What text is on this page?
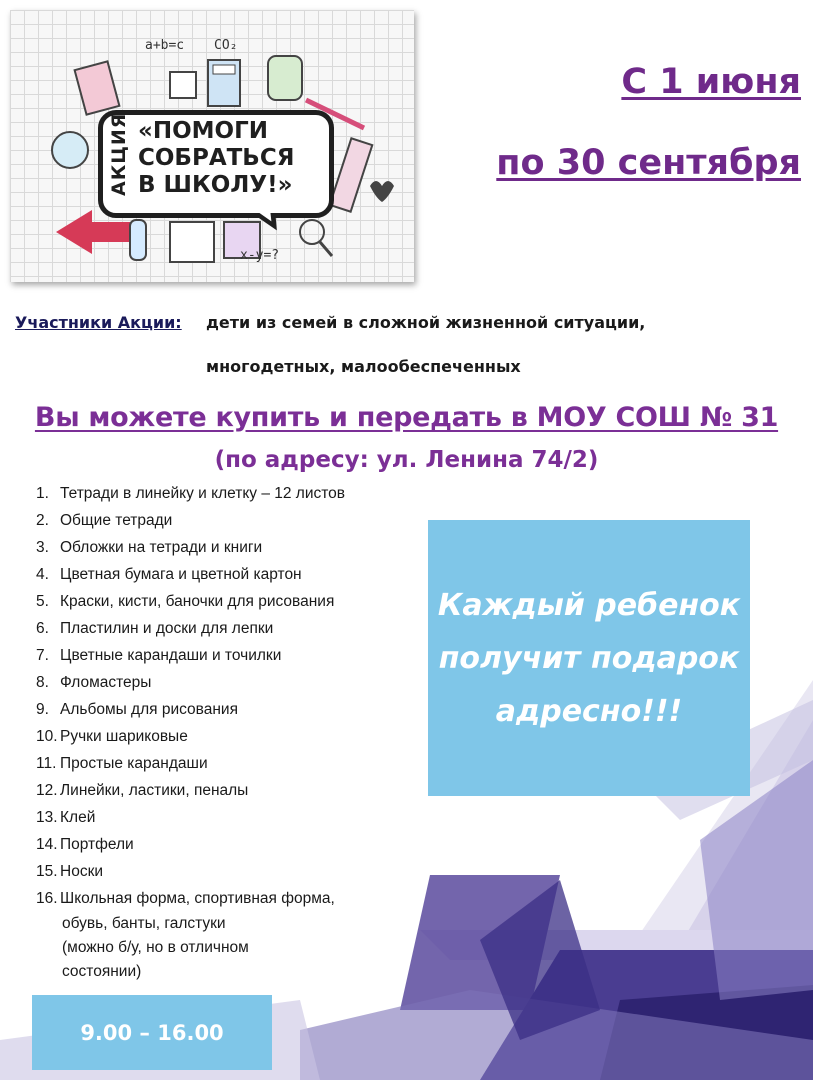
a+b=c CO₂
x-y=?
АКЦИЯ «ПОМОГИ
СОБРАТЬСЯ
В ШКОЛУ!»
С 1 июня
по 30 сентября
Участники Акции: дети из семей в сложной жизненной ситуации,
многодетных, малообеспеченных
Вы можете купить и передать в МОУ СОШ № 31
(по адресу: ул. Ленина 74/2)
1. Тетради в линейку и клетку – 12 листов
2. Общие тетради
3. Обложки на тетради и книги
4. Цветная бумага и цветной картон
5. Краски, кисти, баночки для рисования
6. Пластилин и доски для лепки
7. Цветные карандаши и точилки
8. Фломастеры
9. Альбомы для рисования
10. Ручки шариковые
11. Простые карандаши
12. Линейки, ластики, пеналы
13. Клей
14. Портфели
15. Носки
16. Школьная форма, спортивная форма,
обувь, банты, галстуки
(можно б/у, но в отличном
состоянии)
Каждый ребенок
получит подарок
адресно!!!
9.00 – 16.00
